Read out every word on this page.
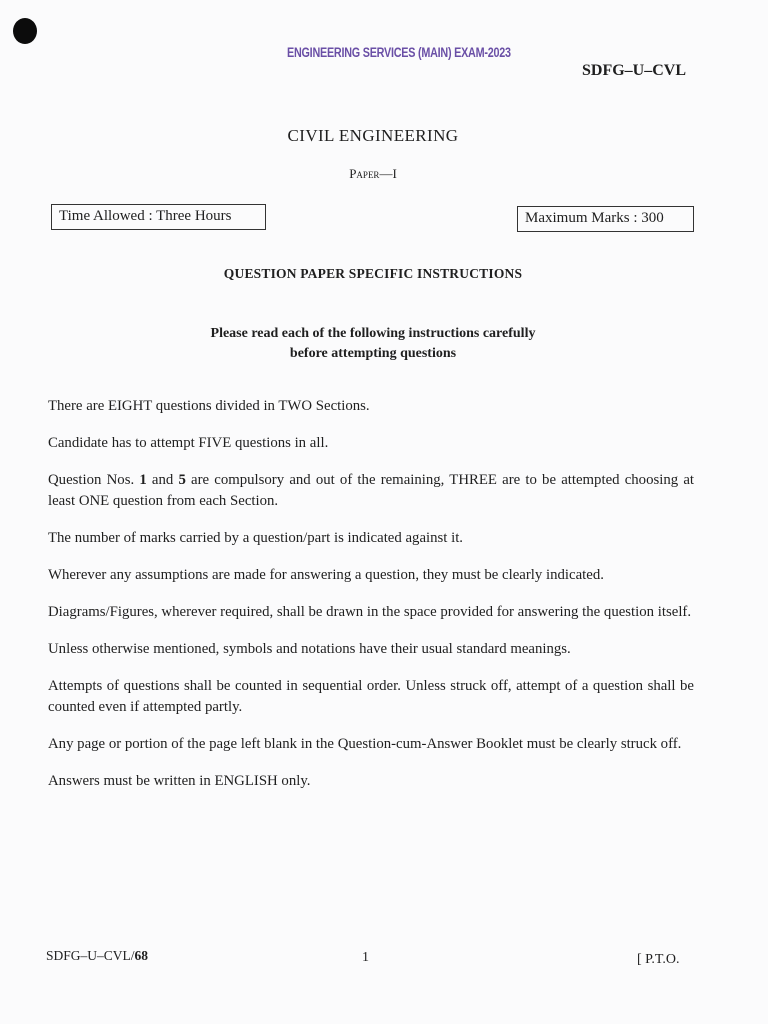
ENGINEERING SERVICES (MAIN) EXAM-2023
SDFG–U–CVL
CIVIL ENGINEERING
Paper—I
Time Allowed : Three Hours	Maximum Marks : 300
QUESTION PAPER SPECIFIC INSTRUCTIONS
Please read each of the following instructions carefully
before attempting questions
There are EIGHT questions divided in TWO Sections.
Candidate has to attempt FIVE questions in all.
Question Nos. 1 and 5 are compulsory and out of the remaining, THREE are to be attempted choosing at least ONE question from each Section.
The number of marks carried by a question/part is indicated against it.
Wherever any assumptions are made for answering a question, they must be clearly indicated.
Diagrams/Figures, wherever required, shall be drawn in the space provided for answering the question itself.
Unless otherwise mentioned, symbols and notations have their usual standard meanings.
Attempts of questions shall be counted in sequential order. Unless struck off, attempt of a question shall be counted even if attempted partly.
Any page or portion of the page left blank in the Question-cum-Answer Booklet must be clearly struck off.
Answers must be written in ENGLISH only.
SDFG–U–CVL/68	1	[ P.T.O.
